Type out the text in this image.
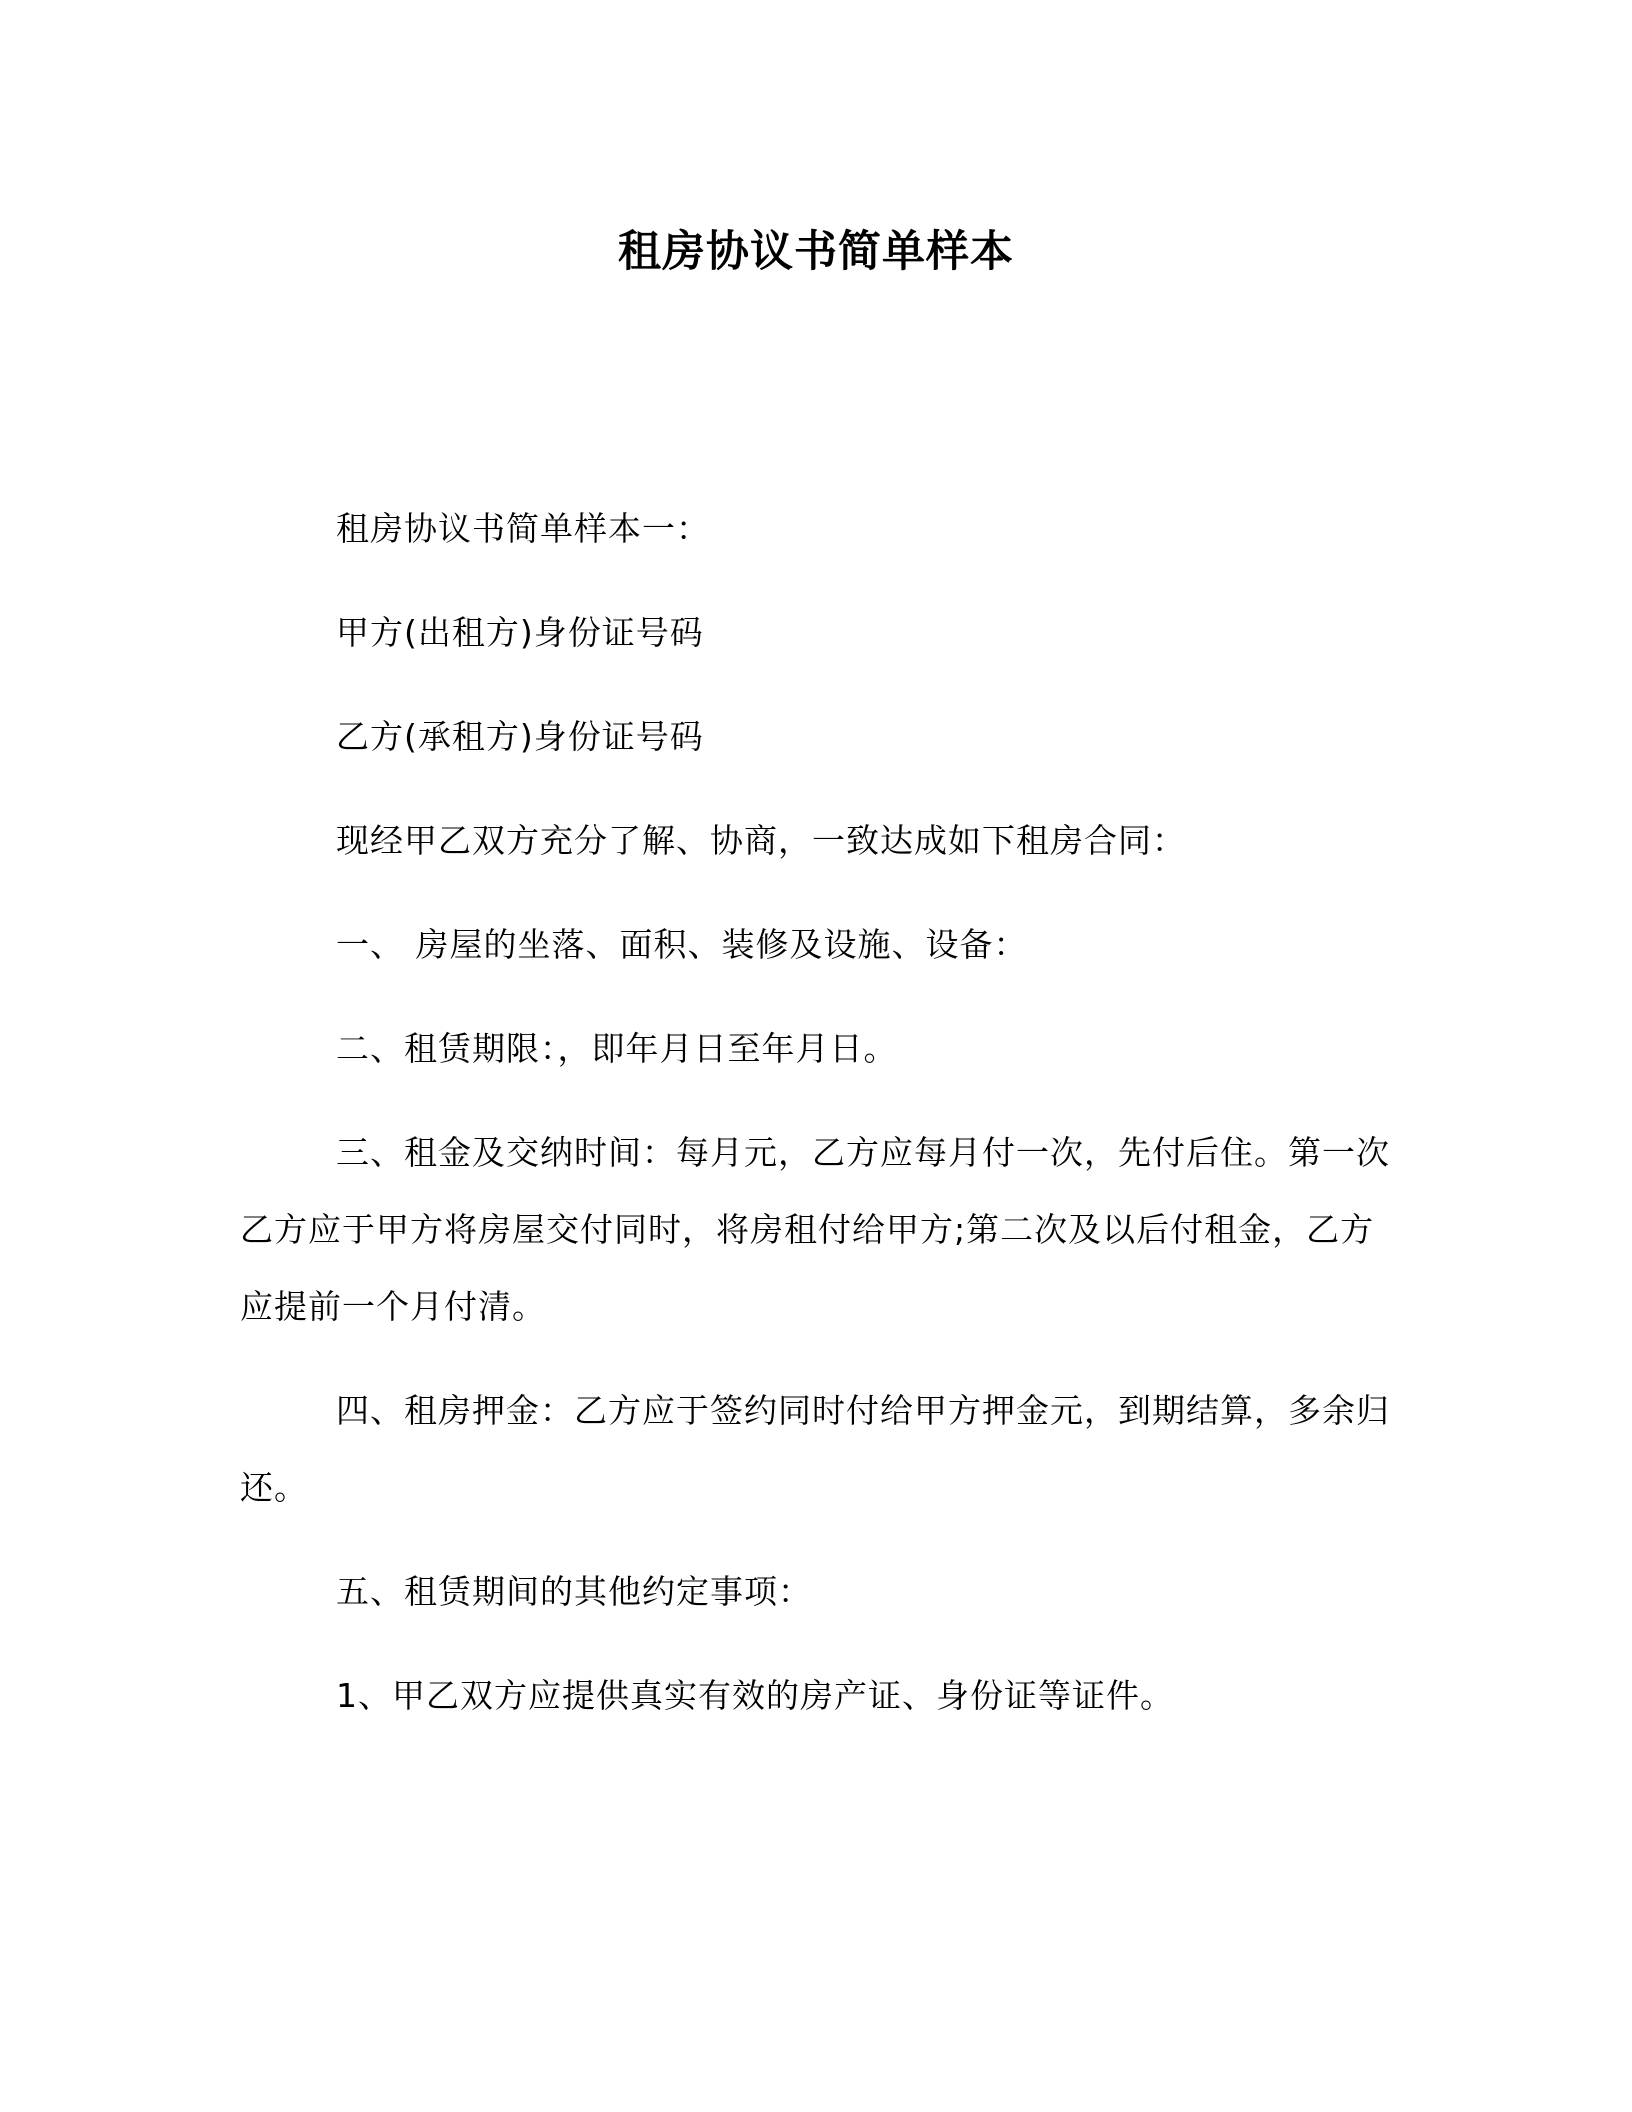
租房协议书简单样本

租房协议书简单样本一：

甲方(出租方)身份证号码

乙方(承租方)身份证号码

现经甲乙双方充分了解、协商，一致达成如下租房合同：

一、 房屋的坐落、面积、装修及设施、设备：

二、租赁期限：，即年月日至年月日。

三、租金及交纳时间：每月元，乙方应每月付一次，先付后住。第一次乙方应于甲方将房屋交付同时，将房租付给甲方;第二次及以后付租金，乙方应提前一个月付清。

四、租房押金：乙方应于签约同时付给甲方押金元，到期结算，多余归还。

五、租赁期间的其他约定事项：

1、甲乙双方应提供真实有效的房产证、身份证等证件。
